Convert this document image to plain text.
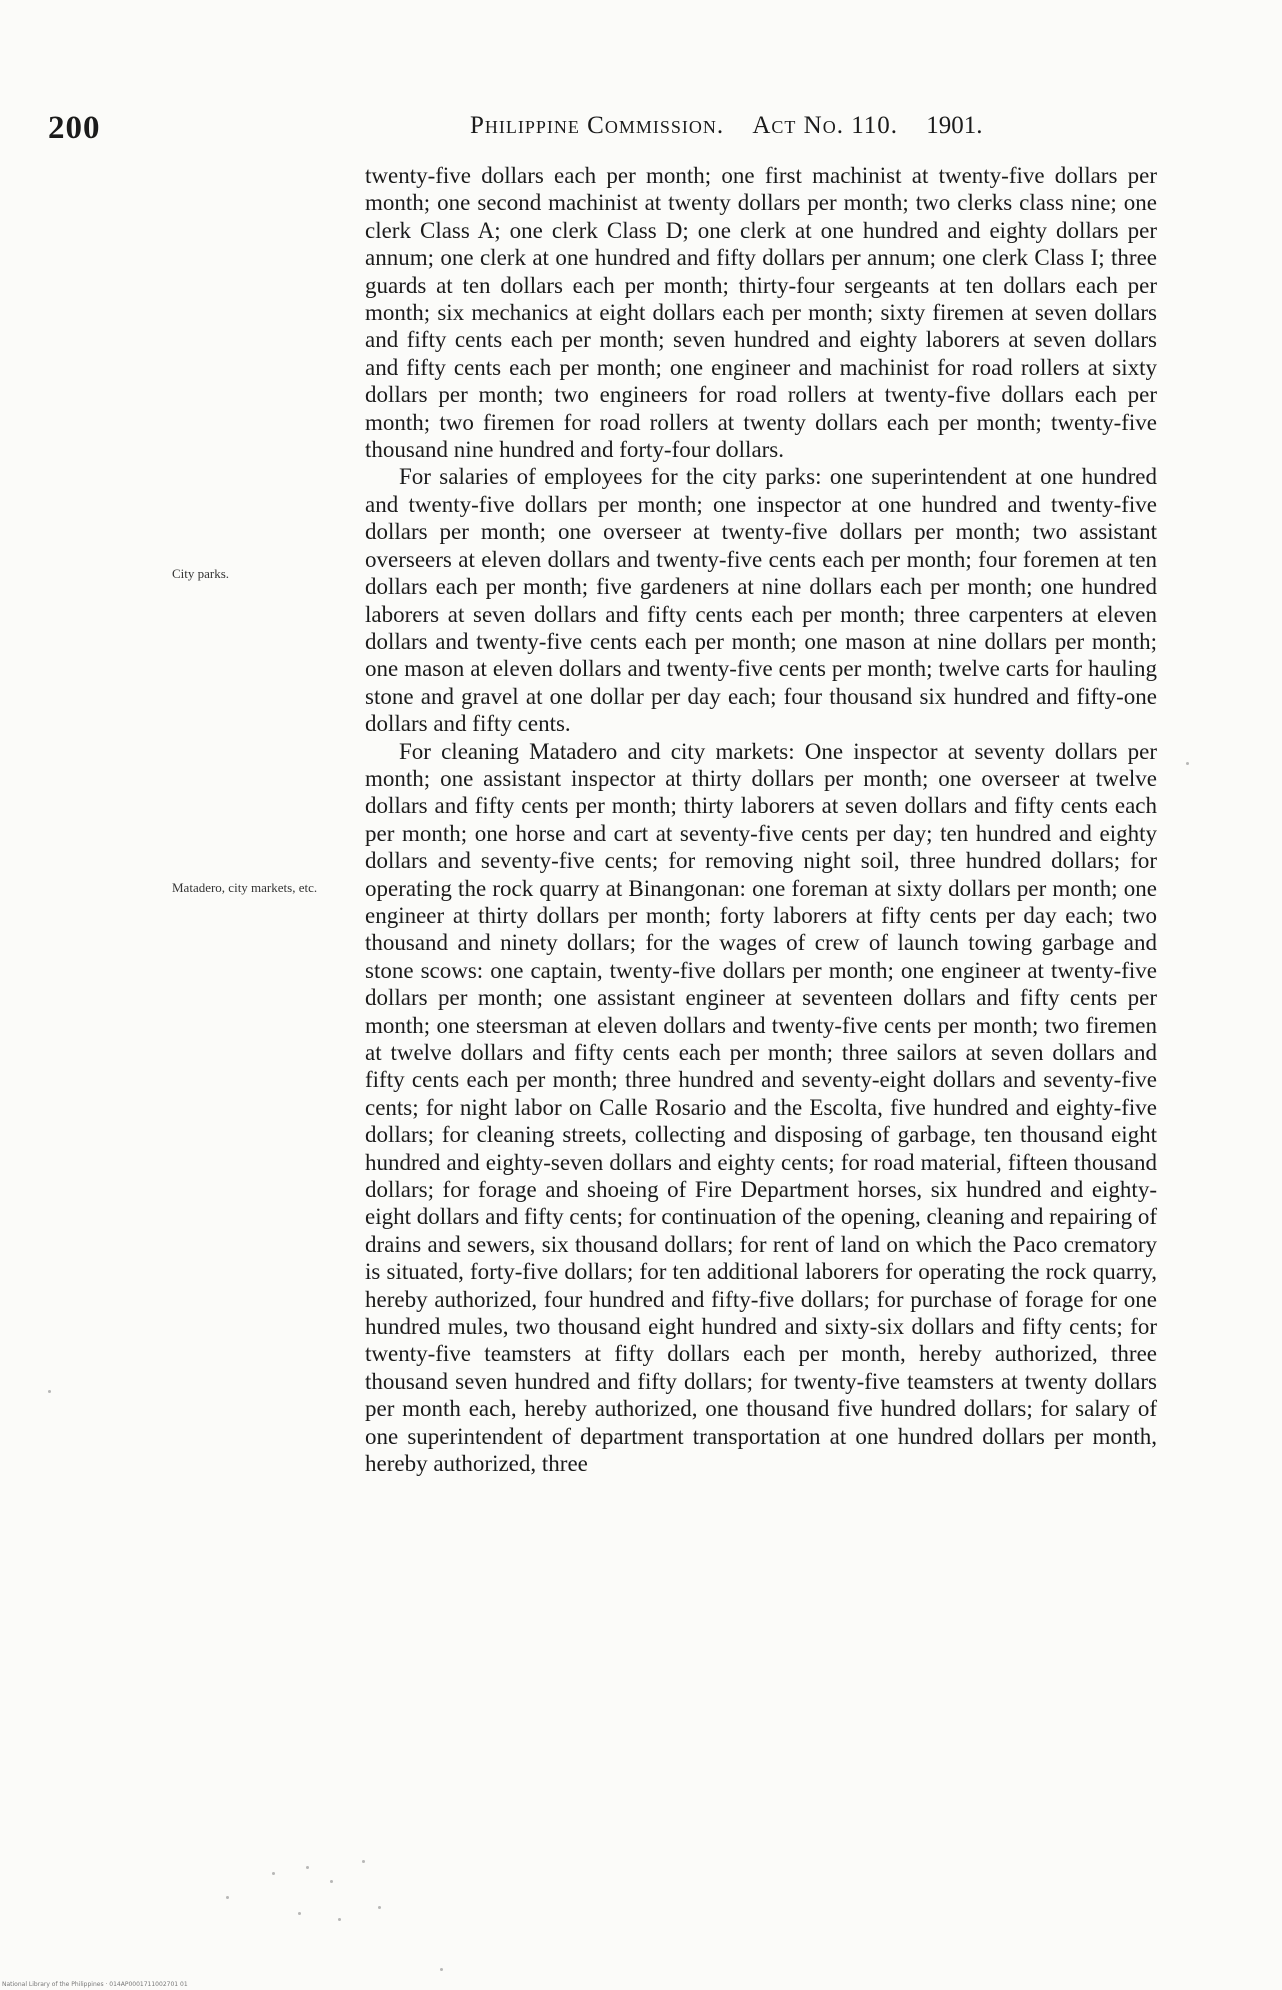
200	Philippine Commission. Act No. 110. 1901.
City parks.
Matadero, city markets, etc.

twenty-five dollars each per month; one first machinist at twenty-five dollars per month; one second machinist at twenty dollars per month; two clerks class nine; one clerk Class A; one clerk Class D; one clerk at one hundred and eighty dollars per annum; one clerk at one hundred and fifty dollars per annum; one clerk Class I; three guards at ten dollars each per month; thirty-four sergeants at ten dollars each per month; six mechanics at eight dollars each per month; sixty firemen at seven dollars and fifty cents each per month; seven hundred and eighty laborers at seven dollars and fifty cents each per month; one engineer and machinist for road rollers at sixty dollars per month; two engineers for road rollers at twenty-five dollars each per month; two firemen for road rollers at twenty dollars each per month; twenty-five thousand nine hundred and forty-four dollars.

For salaries of employees for the city parks: one superintendent at one hundred and twenty-five dollars per month; one inspector at one hundred and twenty-five dollars per month; one overseer at twenty-five dollars per month; two assistant overseers at eleven dollars and twenty-five cents each per month; four foremen at ten dollars each per month; five gardeners at nine dollars each per month; one hundred laborers at seven dollars and fifty cents each per month; three carpenters at eleven dollars and twenty-five cents each per month; one mason at nine dollars per month; one mason at eleven dollars and twenty-five cents per month; twelve carts for hauling stone and gravel at one dollar per day each; four thousand six hundred and fifty-one dollars and fifty cents.

For cleaning Matadero and city markets: One inspector at seventy dollars per month; one assistant inspector at thirty dollars per month; one overseer at twelve dollars and fifty cents per month; thirty laborers at seven dollars and fifty cents each per month; one horse and cart at seventy-five cents per day; ten hundred and eighty dollars and seventy-five cents; for removing night soil, three hundred dollars; for operating the rock quarry at Binangonan: one foreman at sixty dollars per month; one engineer at thirty dollars per month; forty laborers at fifty cents per day each; two thousand and ninety dollars; for the wages of crew of launch towing garbage and stone scows: one captain, twenty-five dollars per month; one engineer at twenty-five dollars per month; one assistant engineer at seventeen dollars and fifty cents per month; one steersman at eleven dollars and twenty-five cents per month; two firemen at twelve dollars and fifty cents each per month; three sailors at seven dollars and fifty cents each per month; three hundred and seventy-eight dollars and seventy-five cents; for night labor on Calle Rosario and the Escolta, five hundred and eighty-five dollars; for cleaning streets, collecting and disposing of garbage, ten thousand eight hundred and eighty-seven dollars and eighty cents; for road material, fifteen thousand dollars; for forage and shoeing of Fire Department horses, six hundred and eighty-eight dollars and fifty cents; for continuation of the opening, cleaning and repairing of drains and sewers, six thousand dollars; for rent of land on which the Paco crematory is situated, forty-five dollars; for ten additional laborers for operating the rock quarry, hereby authorized, four hundred and fifty-five dollars; for purchase of forage for one hundred mules, two thousand eight hundred and sixty-six dollars and fifty cents; for twenty-five teamsters at fifty dollars each per month, hereby authorized, three thousand seven hundred and fifty dollars; for twenty-five teamsters at twenty dollars per month each, hereby authorized, one thousand five hundred dollars; for salary of one superintendent of department transportation at one hundred dollars per month, hereby authorized, three

National Library of the Philippines · 014AP0001711002701 01
